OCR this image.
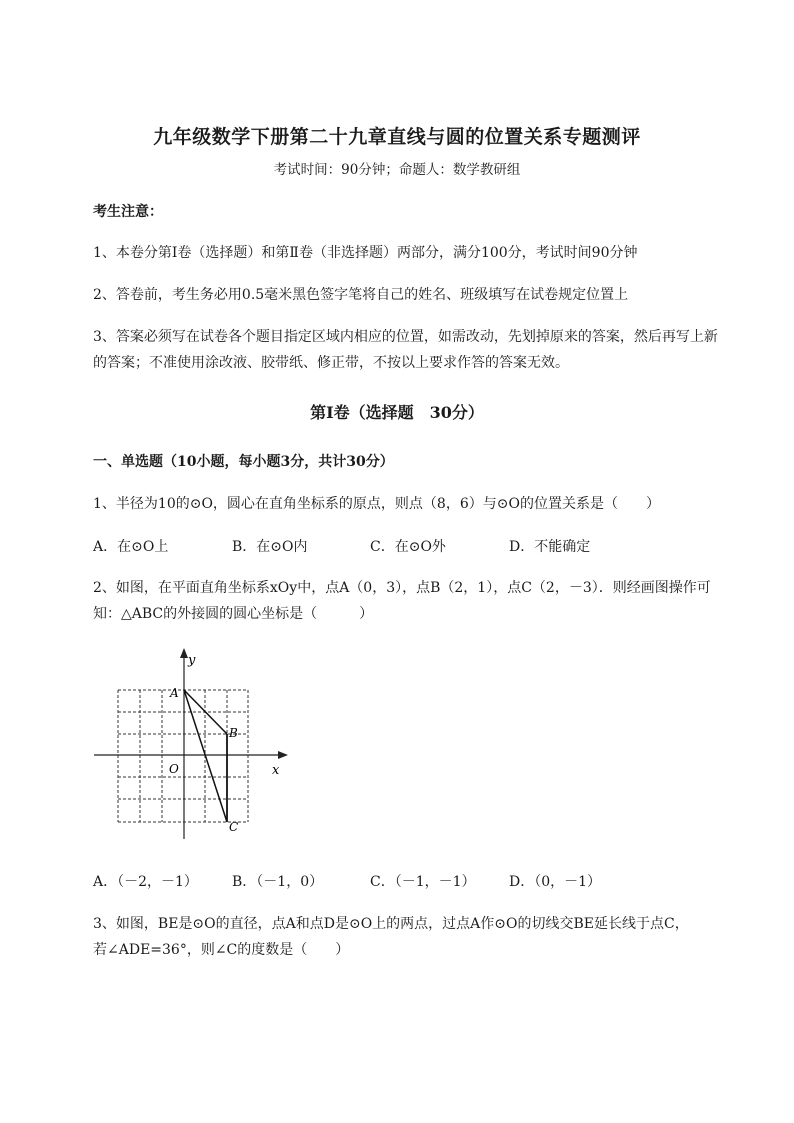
九年级数学下册第二十九章直线与圆的位置关系专题测评
考试时间：90分钟；命题人：数学教研组
考生注意：
1、本卷分第Ⅰ卷（选择题）和第Ⅱ卷（非选择题）两部分，满分100分，考试时间90分钟
2、答卷前，考生务必用0.5毫米黑色签字笔将自己的姓名、班级填写在试卷规定位置上
3、答案必须写在试卷各个题目指定区域内相应的位置，如需改动，先划掉原来的答案，然后再写上新
的答案；不准使用涂改液、胶带纸、修正带，不按以上要求作答的答案无效。
第Ⅰ卷（选择题　30分）
一、单选题（10小题，每小题3分，共计30分）
1、半径为10的⊙O，圆心在直角坐标系的原点，则点（8，6）与⊙O的位置关系是（　　）
A．在⊙O上	B．在⊙O内	C．在⊙O外	D．不能确定
2、如图，在平面直角坐标系xOy中，点A（0，3），点B（2，1），点C（2，－3）．则经画图操作可
知：△ABC的外接圆的圆心坐标是（　　　）
y
x
A
B
C
O
A．（－2，－1） B．（－1，0）	C．（－1，－1） D．（0，－1）
3、如图，BE是⊙O的直径，点A和点D是⊙O上的两点，过点A作⊙O的切线交BE延长线于点C，
若∠ADE=36°，则∠C的度数是（　　）
